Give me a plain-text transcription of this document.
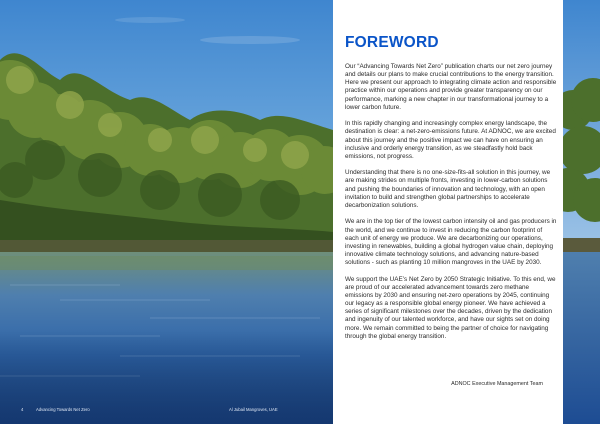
FOREWORD

Our “Advancing Towards Net Zero” publication charts our net zero journey and details our plans to make crucial contributions to the energy transition. Here we present our approach to integrating climate action and responsible practice within our operations and provide greater transparency on our performance, marking a new chapter in our transformational journey to a lower carbon future.

In this rapidly changing and increasingly complex energy landscape, the destination is clear: a net-zero-emissions future. At ADNOC, we are excited about this journey and the positive impact we can have on ensuring an inclusive and orderly energy transition, as we steadfastly hold back emissions, not progress.

Understanding that there is no one-size-fits-all solution in this journey, we are making strides on multiple fronts, investing in lower-carbon solutions and pushing the boundaries of innovation and technology, with an open invitation to build and strengthen global partnerships to accelerate decarbonization solutions.

We are in the top tier of the lowest carbon intensity oil and gas producers in the world, and we continue to invest in reducing the carbon footprint of each unit of energy we produce. We are decarbonizing our operations, investing in renewables, building a global hydrogen value chain, deploying innovative climate technology solutions, and advancing nature-based solutions - such as planting 10 million mangroves in the UAE by 2030.

We support the UAE’s Net Zero by 2050 Strategic Initiative. To this end, we are proud of our accelerated advancement towards zero methane emissions by 2030 and ensuring net-zero operations by 2045, continuing our legacy as a responsible global energy pioneer. We have achieved a series of significant milestones over the decades, driven by the dedication and ingenuity of our talented workforce, and have our sights set on doing more. We remain committed to being the partner of choice for navigating through the global energy transition.

ADNOC Executive Management Team
4	Advancing Towards Net Zero	Al Jubail Mangroves, UAE
